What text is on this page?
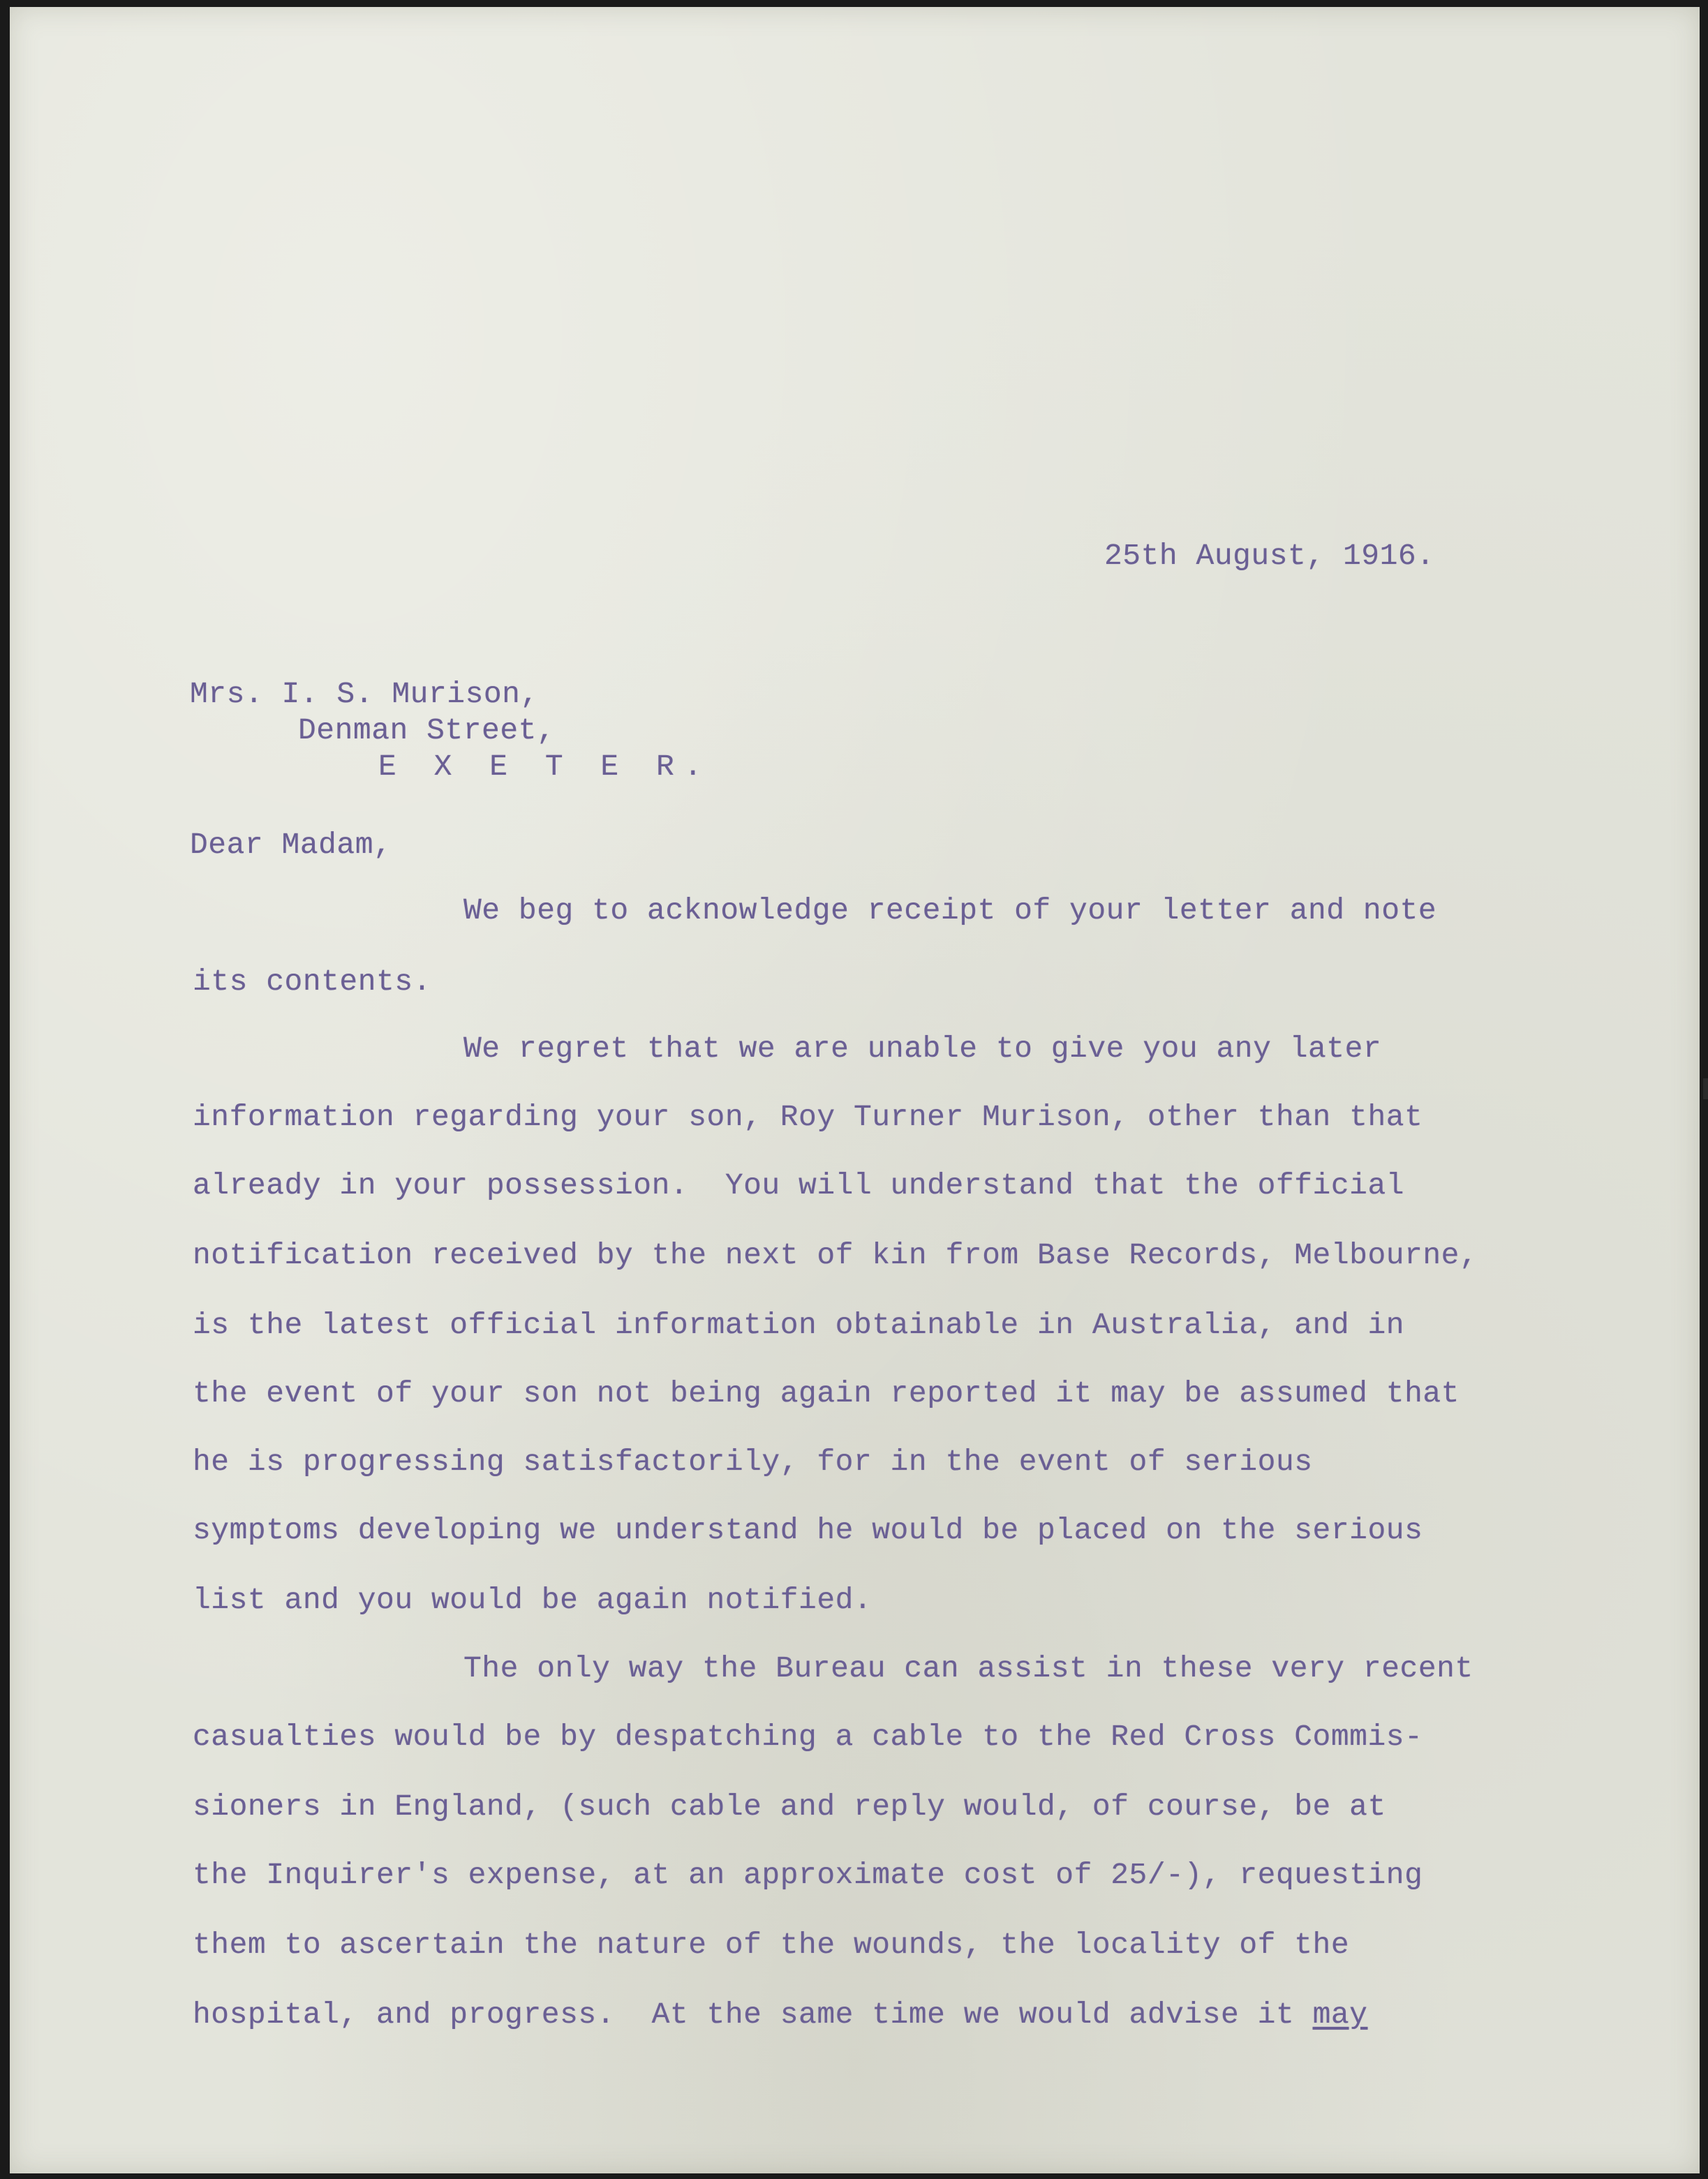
25th August, 1916.
Mrs. I. S. Murison,
Denman Street,
E X E T E R.
Dear Madam,
We beg to acknowledge receipt of your letter and note
its contents.
We regret that we are unable to give you any later
information regarding your son, Roy Turner Murison, other than that
already in your possession.  You will understand that the official
notification received by the next of kin from Base Records, Melbourne,
is the latest official information obtainable in Australia, and in
the event of your son not being again reported it may be assumed that
he is progressing satisfactorily, for in the event of serious
symptoms developing we understand he would be placed on the serious
list and you would be again notified.
The only way the Bureau can assist in these very recent
casualties would be by despatching a cable to the Red Cross Commis-
sioners in England, (such cable and reply would, of course, be at
the Inquirer's expense, at an approximate cost of 25/-), requesting
them to ascertain the nature of the wounds, the locality of the
hospital, and progress.  At the same time we would advise it may
